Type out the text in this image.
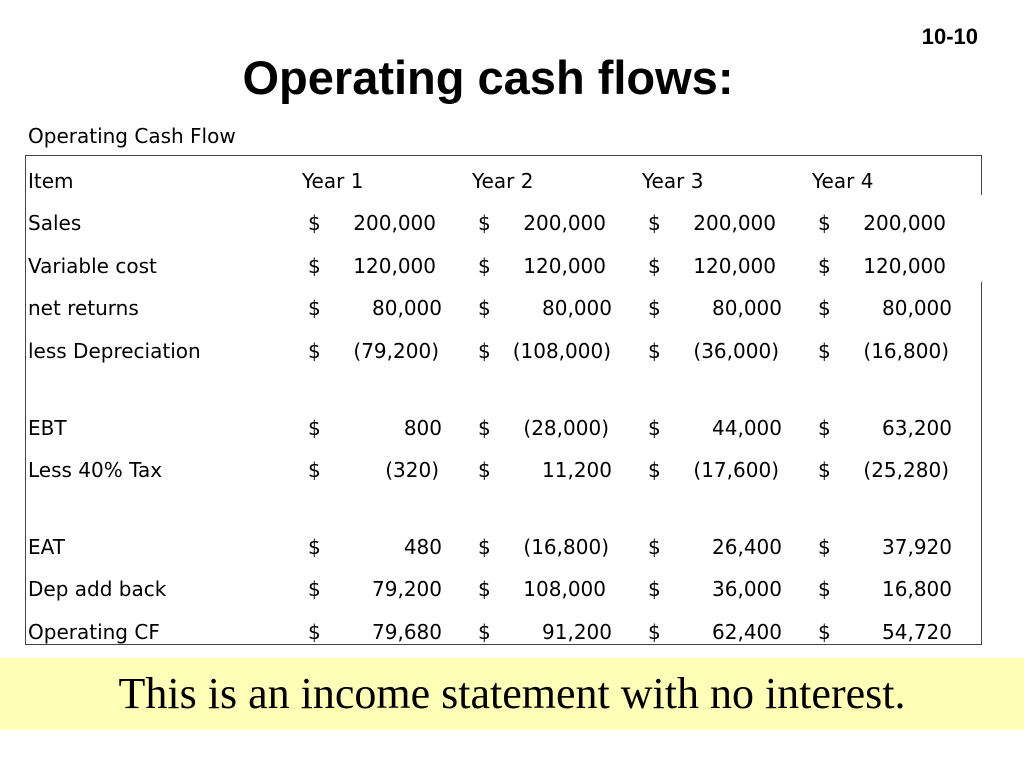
10-10
Operating cash flows:
Operating Cash Flow
Item	Year 1	Year 2	Year 3	Year 4
Sales	$ 200,000 $ 200,000 $ 200,000 $ 200,000
Variable cost	$ 120,000 $ 120,000 $ 120,000 $ 120,000
net returns	$	80,000 $	80,000 $	80,000 $	80,000
less Depreciation	$ (79,200) $ (108,000) $ (36,000) $ (16,800)
EBT	$	800 $ (28,000) $	44,000 $	63,200
Less 40% Tax	$	(320) $	11,200 $ (17,600) $ (25,280)
EAT	$	480 $ (16,800) $	26,400 $	37,920
Dep add back	$	79,200 $ 108,000 $	36,000 $	16,800
Operating CF	$	79,680 $	91,200 $	62,400 $	54,720
This is an income statement with no interest.
